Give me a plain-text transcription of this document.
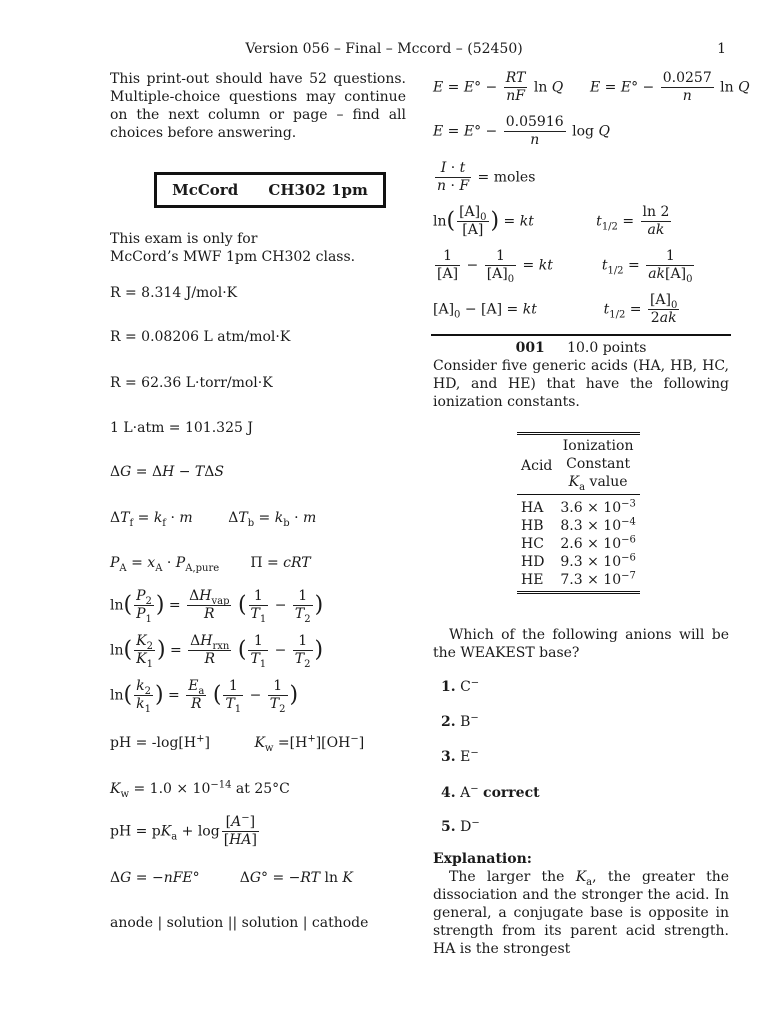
Version 056 – Final – Mccord – (52450)	1

This print-out should have 52 questions. Multiple-choice questions may continue on the next column or page – find all choices before answering.

McCord CH302 1pm
This exam is only for
McCord’s MWF 1pm CH302 class.
R = 8.314 J/mol·K
R = 0.08206 L atm/mol·K
R = 62.36 L·torr/mol·K
1 L·atm = 101.325 J
ΔG = ΔH − TΔS
$\Delta T_f = k_f \cdot m$        $\Delta T_b = k_b \cdot m$
$P_A = x_A \cdot P_{A,pure}$       Π = cRT
$\ln( \frac{P_2}{P_1}$ ) = $\frac{\Delta H_{vap}}{R}$ ( $\frac{1}{T_1} - \frac{1}{T_2}$ )
$\ln( \frac{K_2}{K_1}$ ) = $\frac{\Delta H_{rxn}}{R}$ ( $\frac{1}{T_1} - \frac{1}{T_2}$ )
$\ln( \frac{k_2}{k_1}$ ) = $\frac{E_a}{R}$ ( $\frac{1}{T_1} - \frac{1}{T_2}$ )
pH = -log[H+]          $K_w =[H^+][OH^-]$
$K_w = 1.0 \times 10^{-14}$ at 25°C
pH = $pK_a + \log \frac{[A^-]}{[HA]}$
ΔG = −nFE°         ΔG° = −RT ln K
anode | solution || solution | cathode
$E = E^\circ - \frac{RT}{nF}$ ln Q $E = E^\circ - \frac{0.0257}{n}$ ln Q
$E = E^\circ - \frac{0.05916}{n}$ log Q
$\frac{I \cdot t}{n \cdot F}$ = moles
$\ln( \frac{[A]_0}{[A]}$ ) = kt	$t_{1/2} = \frac{\ln 2}{ak}$
$\frac{1}{[A]} - \frac{1}{[A]_0}$ = kt	$t_{1/2} = \frac{1}{ak[A]_0}$
$[A]_0 - [A]$ = kt	$t_{1/2} = \frac{[A]_0}{2ak}$
001 10.0 points

Consider five generic acids (HA, HB, HC, HD, and HE) that have the following ionization constants.

Acid	Ionization
Constant
$K_a$ value

HA	$3.6 \times 10^{-3}$
HB	$8.3 \times 10^{-4}$
HC	$2.6 \times 10^{-6}$
HD	$9.3 \times 10^{-6}$
HE	$7.3 \times 10^{-7}$

Which of the following anions will be the WEAKEST base?

1. C−
2. B−
3. E−
4. A− correct
5. D−
Explanation:

The larger the $K_a$, the greater the dissociation and the stronger the acid. In general, a conjugate base is opposite in strength from its parent acid strength. HA is the strongest
